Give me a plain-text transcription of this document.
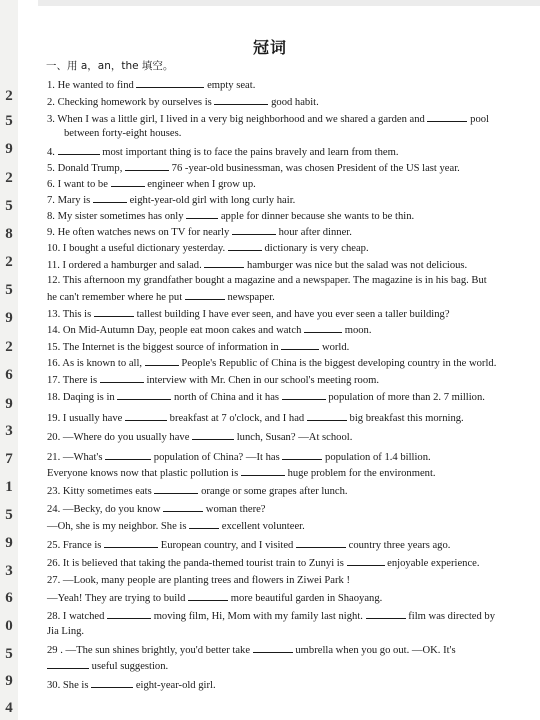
2
5
9
2
5
8
2
5
9
2
6
9
3
7
1
5
9
3
6
0
5
9
4
冠词
一、用 a，an，the 填空。
1. He wanted to find	empty seat.
2. Checking homework by ourselves is	good habit.
3. When I was a little girl, I lived in a very big neighborhood and we shared a garden and	pool
between forty-eight houses.
4.	most important thing is to face the pains bravely and learn from them.
5. Donald Trump,	76 -year-old businessman, was chosen President of the US last year.
6. I want to be	engineer when I grow up.
7. Mary is	eight-year-old girl with long curly hair.
8. My sister sometimes has only	apple for dinner because she wants to be thin.
9. He often watches news on TV for nearly	hour after dinner.
10. I bought a useful dictionary yesterday.	dictionary is very cheap.
11. I ordered a hamburger and salad.	hamburger was nice but the salad was not delicious.
12. This afternoon my grandfather bought a magazine and a newspaper. The magazine is in his bag. But
he can't remember where he put	newspaper.
13. This is	tallest building I have ever seen, and have you ever seen a taller building?
14. On Mid-Autumn Day, people eat moon cakes and watch	moon.
15. The Internet is the biggest source of information in	world.
16. As is known to all,	People's Republic of China is the biggest developing country in the world.
17. There is	interview with Mr. Chen in our school's meeting room.
18. Daqing is in	north of China and it has	population of more than 2. 7 million.
19. I usually have	breakfast at 7 o'clock, and I had	big breakfast this morning.
20. —Where do you usually have	lunch, Susan? —At school.
21. —What's	population of China? —It has	population of 1.4 billion.
Everyone knows now that plastic pollution is	huge problem for the environment.
23. Kitty sometimes eats	orange or some grapes after lunch.
24. —Becky, do you know	woman there?
—Oh, she is my neighbor. She is	excellent volunteer.
25. France is	European country, and I visited	country three years ago.
26. It is believed that taking the panda-themed tourist train to Zunyi is	enjoyable experience.
27. —Look, many people are planting trees and flowers in Ziwei Park !
—Yeah! They are trying to build	more beautiful garden in Shaoyang.
28. I watched	moving film, Hi, Mom with my family last night.	film was directed by
Jia Ling.
29 . —The sun shines brightly, you'd better take	umbrella when you go out. —OK. It's
useful suggestion.
30. She is	eight-year-old girl.
